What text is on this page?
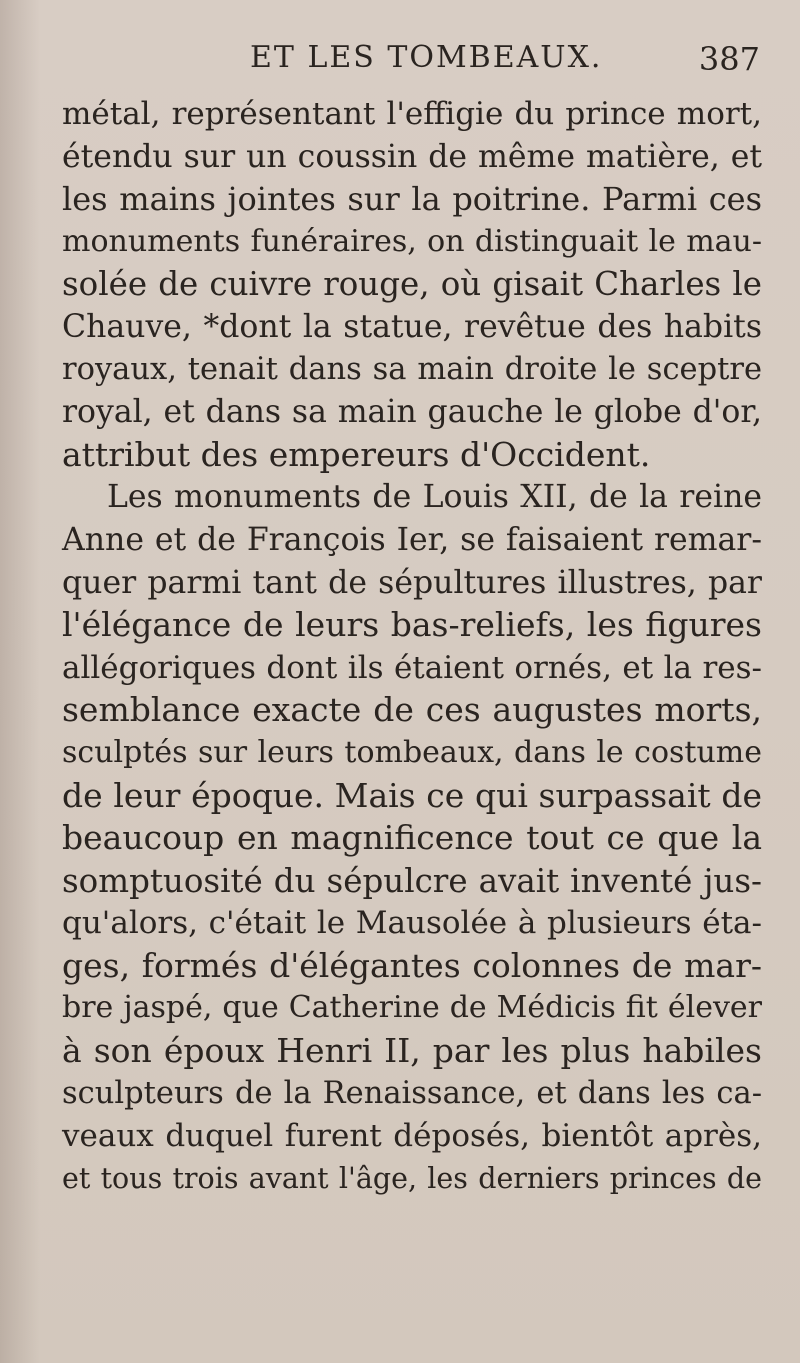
ET LES TOMBEAUX.	387
métal, représentant l'effigie du prince mort,
étendu sur un coussin de même matière, et
les mains jointes sur la poitrine. Parmi ces
monuments funéraires, on distinguait le mau-
solée de cuivre rouge, où gisait Charles le
Chauve, *dont la statue, revêtue des habits
royaux, tenait dans sa main droite le sceptre
royal, et dans sa main gauche le globe d'or,
attribut des empereurs d'Occident.
Les monuments de Louis XII, de la reine
Anne et de François Ier, se faisaient remar-
quer parmi tant de sépultures illustres, par
l'élégance de leurs bas-reliefs, les figures
allégoriques dont ils étaient ornés, et la res-
semblance exacte de ces augustes morts,
sculptés sur leurs tombeaux, dans le costume
de leur époque. Mais ce qui surpassait de
beaucoup en magnificence tout ce que la
somptuosité du sépulcre avait inventé jus-
qu'alors, c'était le Mausolée à plusieurs éta-
ges, formés d'élégantes colonnes de mar-
bre jaspé, que Catherine de Médicis fit élever
à son époux Henri II, par les plus habiles
sculpteurs de la Renaissance, et dans les ca-
veaux duquel furent déposés, bientôt après,
et tous trois avant l'âge, les derniers princes de
